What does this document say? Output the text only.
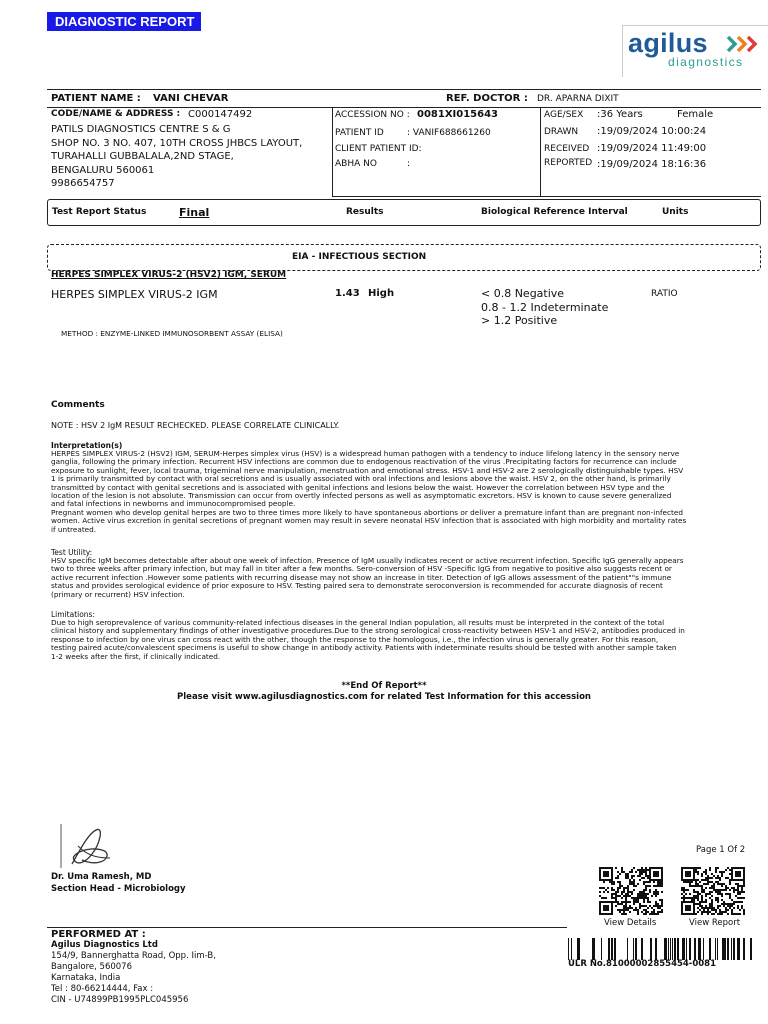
DIAGNOSTIC REPORT
agilus
diagnostics
PATIENT NAME : VANI CHEVAR	REF. DOCTOR : DR. APARNA DIXIT
CODE/NAME & ADDRESS : C000147492
PATILS DIAGNOSTICS CENTRE S & G
SHOP NO. 3 NO. 407, 10TH CROSS JHBCS LAYOUT,
TURAHALLI GUBBALALA,2ND STAGE,
BENGALURU 560061
9986654757
ACCESSION NO : 0081XI015643
PATIENT ID	: VANIF688661260
CLIENT PATIENT ID:
ABHA NO	:
AGE/SEX :36 Years	Female
DRAWN :19/09/2024 10:00:24
RECEIVED :19/09/2024 11:49:00
REPORTED :19/09/2024 18:16:36
Test Report Status	Final	Results	Biological Reference Interval	Units
EIA - INFECTIOUS SECTION
HERPES SIMPLEX VIRUS-2 (HSV2) IGM, SERUM
HERPES SIMPLEX VIRUS-2 IGM	1.43 High	< 0.8 Negative
0.8 - 1.2 Indeterminate
> 1.2 Positive
RATIO
METHOD : ENZYME-LINKED IMMUNOSORBENT ASSAY (ELISA)
Comments
NOTE : HSV 2 IgM RESULT RECHECKED. PLEASE CORRELATE CLINICALLY.
Interpretation(s)
HERPES SIMPLEX VIRUS-2 (HSV2) IGM, SERUM-Herpes simplex virus (HSV) is a widespread human pathogen with a tendency to induce lifelong latency in the sensory nerve
ganglia, following the primary infection. Recurrent HSV infections are common due to endogenous reactivation of the virus .Precipitating factors for recurrence can include
exposure to sunlight, fever, local trauma, trigeminal nerve manipulation, menstruation and emotional stress. HSV-1 and HSV-2 are 2 serologically distinguishable types. HSV
1 is primarily transmitted by contact with oral secretions and is usually associated with oral infections and lesions above the waist. HSV 2, on the other hand, is primarily
transmitted by contact with genital secretions and is associated with genital infections and lesions below the waist. However the correlation between HSV type and the
location of the lesion is not absolute. Transmission can occur from overtly infected persons as well as asymptomatic excretors. HSV is known to cause severe generalized
and fatal infections in newborns and immunocompromised people.
Pregnant women who develop genital herpes are two to three times more likely to have spontaneous abortions or deliver a premature infant than are pregnant non-infected
women. Active virus excretion in genital secretions of pregnant women may result in severe neonatal HSV infection that is associated with high morbidity and mortality rates
if untreated.
Test Utility:
HSV specific IgM becomes detectable after about one week of infection. Presence of IgM usually indicates recent or active recurrent infection. Specific IgG generally appears
two to three weeks after primary infection, but may fall in titer after a few months. Sero-conversion of HSV -Specific IgG from negative to positive also suggests recent or
active recurrent infection .However some patients with recurring disease may not show an increase in titer. Detection of IgG allows assessment of the patient""s immune
status and provides serological evidence of prior exposure to HSV. Testing paired sera to demonstrate seroconversion is recommended for accurate diagnosis of recent
(primary or recurrent) HSV infection.
Limitations:
Due to high seroprevalence of various community-related infectious diseases in the general Indian population, all results must be interpreted in the context of the total
clinical history and supplementary findings of other investigative procedures.Due to the strong serological cross-reactivity between HSV-1 and HSV-2, antibodies produced in
response to infection by one virus can cross react with the other, though the response to the homologous, i.e., the infection virus is generally greater. For this reason,
testing paired acute/convalescent specimens is useful to show change in antibody activity. Patients with indeterminate results should be tested with another sample taken
1-2 weeks after the first, if clinically indicated.
**End Of Report**
Please visit www.agilusdiagnostics.com for related Test Information for this accession
Dr. Uma Ramesh, MD
Section Head - Microbiology
Page 1 Of 2
View Details	View Report
ULR No.81000002855454-0081
PERFORMED AT :
Agilus Diagnostics Ltd
154/9, Bannerghatta Road, Opp. Iim-B,
Bangalore, 560076
Karnataka, India
Tel : 80-66214444, Fax :
CIN - U74899PB1995PLC045956
